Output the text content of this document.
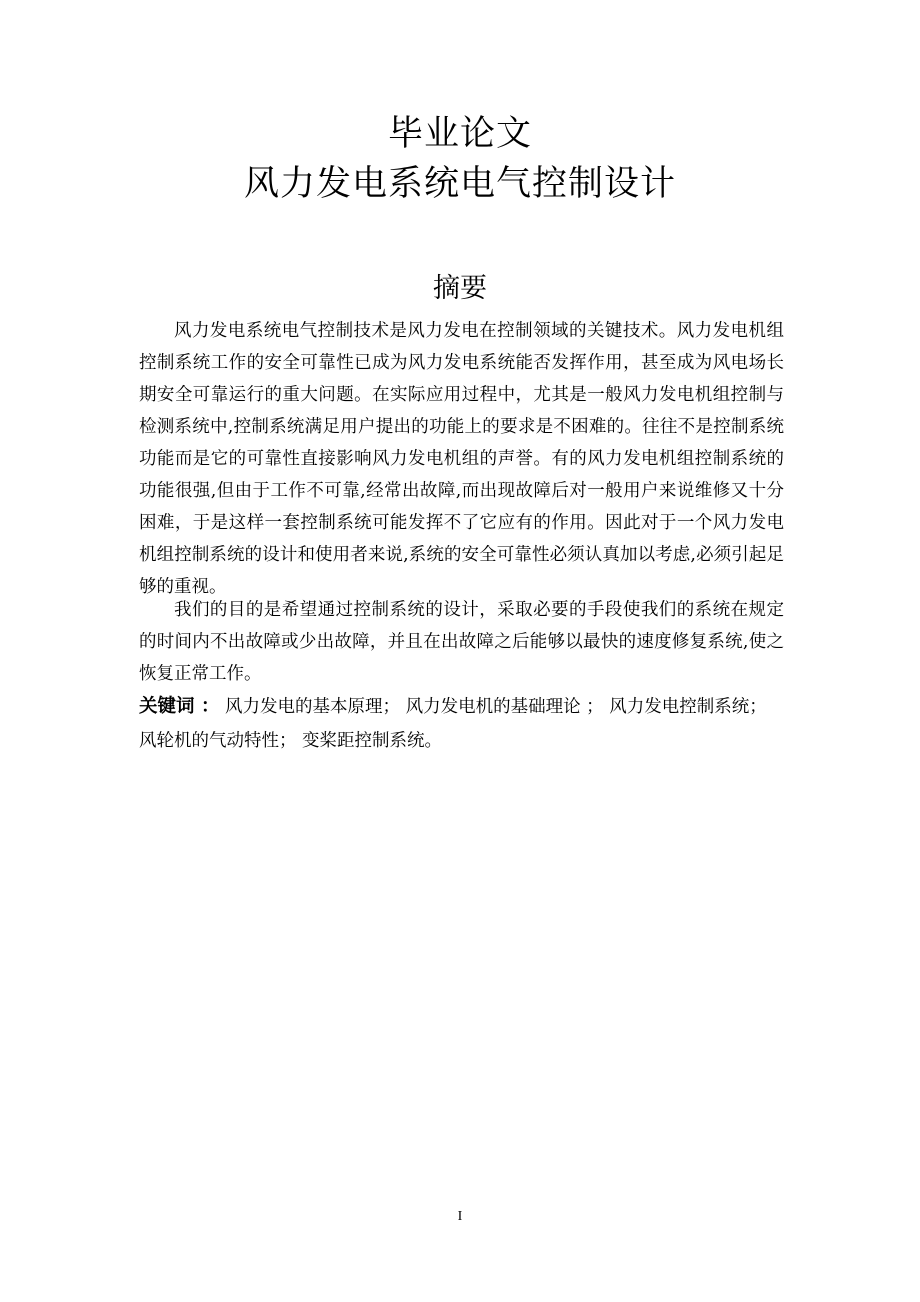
毕业论文
风力发电系统电气控制设计
摘要

风力发电系统电气控制技术是风力发电在控制领域的关键技术。风力发电机组控制系统工作的安全可靠性已成为风力发电系统能否发挥作用，甚至成为风电场长期安全可靠运行的重大问题。在实际应用过程中，尤其是一般风力发电机组控制与检测系统中,控制系统满足用户提出的功能上的要求是不困难的。往往不是控制系统功能而是它的可靠性直接影响风力发电机组的声誉。有的风力发电机组控制系统的功能很强,但由于工作不可靠,经常出故障,而出现故障后对一般用户来说维修又十分困难，于是这样一套控制系统可能发挥不了它应有的作用。因此对于一个风力发电机组控制系统的设计和使用者来说,系统的安全可靠性必须认真加以考虑,必须引起足够的重视。

我们的目的是希望通过控制系统的设计，采取必要的手段使我们的系统在规定的时间内不出故障或少出故障，并且在出故障之后能够以最快的速度修复系统,使之恢复正常工作。

关键词 ： 风力发电的基本原理； 风力发电机的基础理论 ； 风力发电控制系统； 风轮机的气动特性； 变桨距控制系统。
I
